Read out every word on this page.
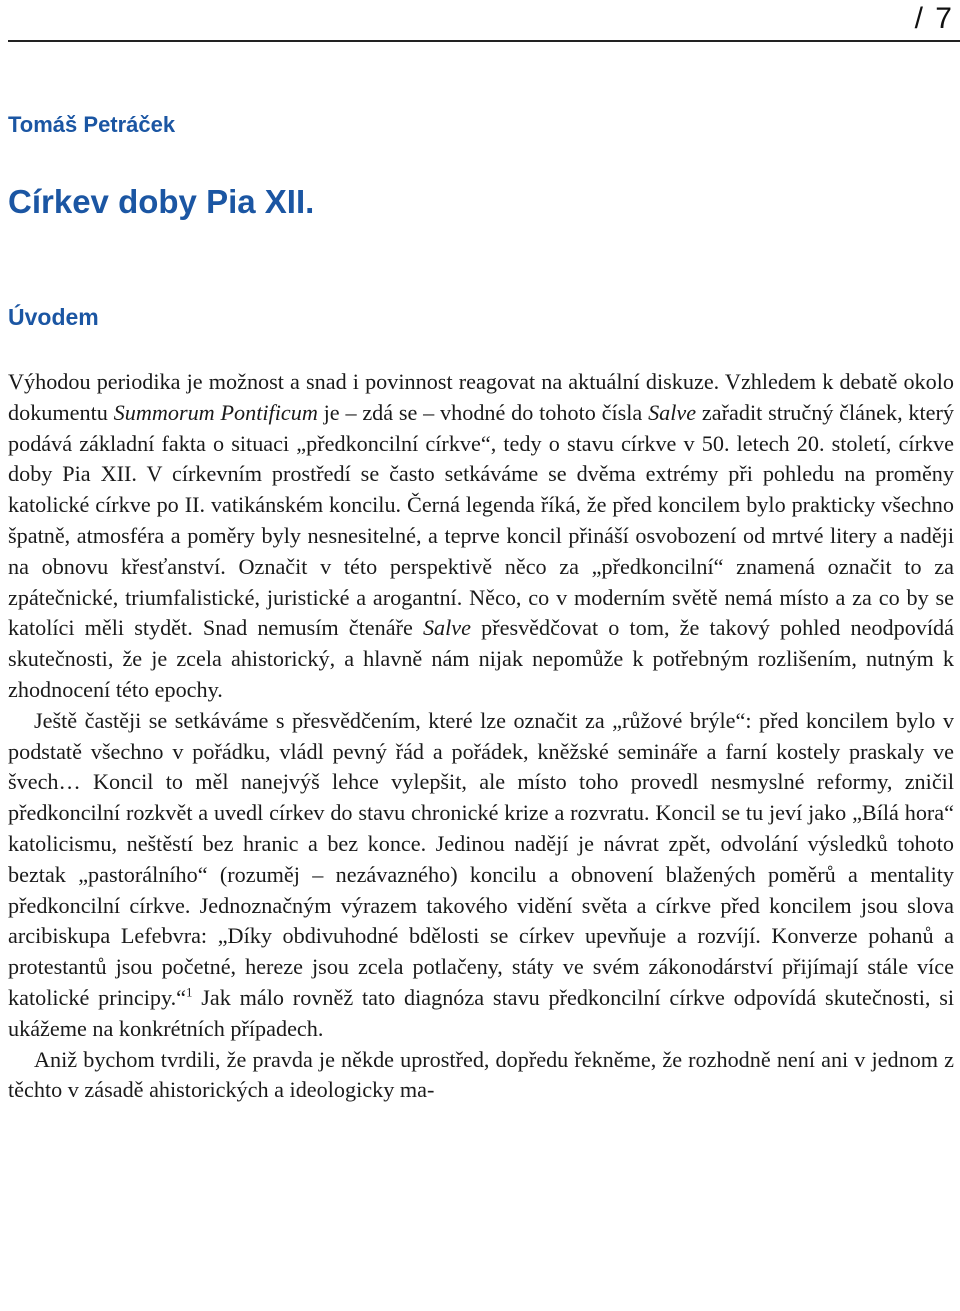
/ 7
Tomáš Petráček
Církev doby Pia XII.
Úvodem

Výhodou periodika je možnost a snad i povinnost reagovat na aktuální diskuze. Vzhledem k debatě okolo dokumentu Summorum Pontificum je – zdá se – vhodné do tohoto čísla Salve zařadit stručný článek, který podává základní fakta o situaci „předkoncilní církve“, tedy o stavu církve v 50. letech 20. století, církve doby Pia XII. V církevním prostředí se často setkáváme se dvěma extrémy při pohledu na proměny katolické církve po II. vatikánském koncilu. Černá legenda říká, že před koncilem bylo prakticky všechno špatně, atmosféra a poměry byly nesnesitelné, a teprve koncil přináší osvobození od mrtvé litery a naději na obnovu křesťanství. Označit v této perspektivě něco za „předkoncilní“ znamená označit to za zpátečnické, triumfalistické, juristické a arogantní. Něco, co v moderním světě nemá místo a za co by se katolíci měli stydět. Snad nemusím čtenáře Salve přesvědčovat o tom, že takový pohled neodpovídá skutečnosti, že je zcela ahistorický, a hlavně nám nijak nepomůže k potřebným rozlišením, nutným k zhodnocení této epochy.

Ještě častěji se setkáváme s přesvědčením, které lze označit za „růžové brýle“: před koncilem bylo v podstatě všechno v pořádku, vládl pevný řád a pořádek, kněžské semináře a farní kostely praskaly ve švech… Koncil to měl nanejvýš lehce vylepšit, ale místo toho provedl nesmyslné reformy, zničil předkoncilní rozkvět a uvedl církev do stavu chronické krize a rozvratu. Koncil se tu jeví jako „Bílá hora“ katolicismu, neštěstí bez hranic a bez konce. Jedinou nadějí je návrat zpět, odvolání výsledků tohoto beztak „pastorálního“ (rozuměj – nezávazného) koncilu a obnovení blažených poměrů a mentality předkoncilní církve. Jednoznačným výrazem takového vidění světa a církve před koncilem jsou slova arcibiskupa Lefebvra: „Díky obdivuhodné bdělosti se církev upevňuje a rozvíjí. Konverze pohanů a protestantů jsou početné, hereze jsou zcela potlačeny, státy ve svém zákonodárství přijímají stále více katolické principy.“$^1$ Jak málo rovněž tato diagnóza stavu předkoncilní církve odpovídá skutečnosti, si ukážeme na konkrétních případech.

Aniž bychom tvrdili, že pravda je někde uprostřed, dopředu řekněme, že rozhodně není ani v jednom z těchto v zásadě ahistorických a ideologicky ma-
